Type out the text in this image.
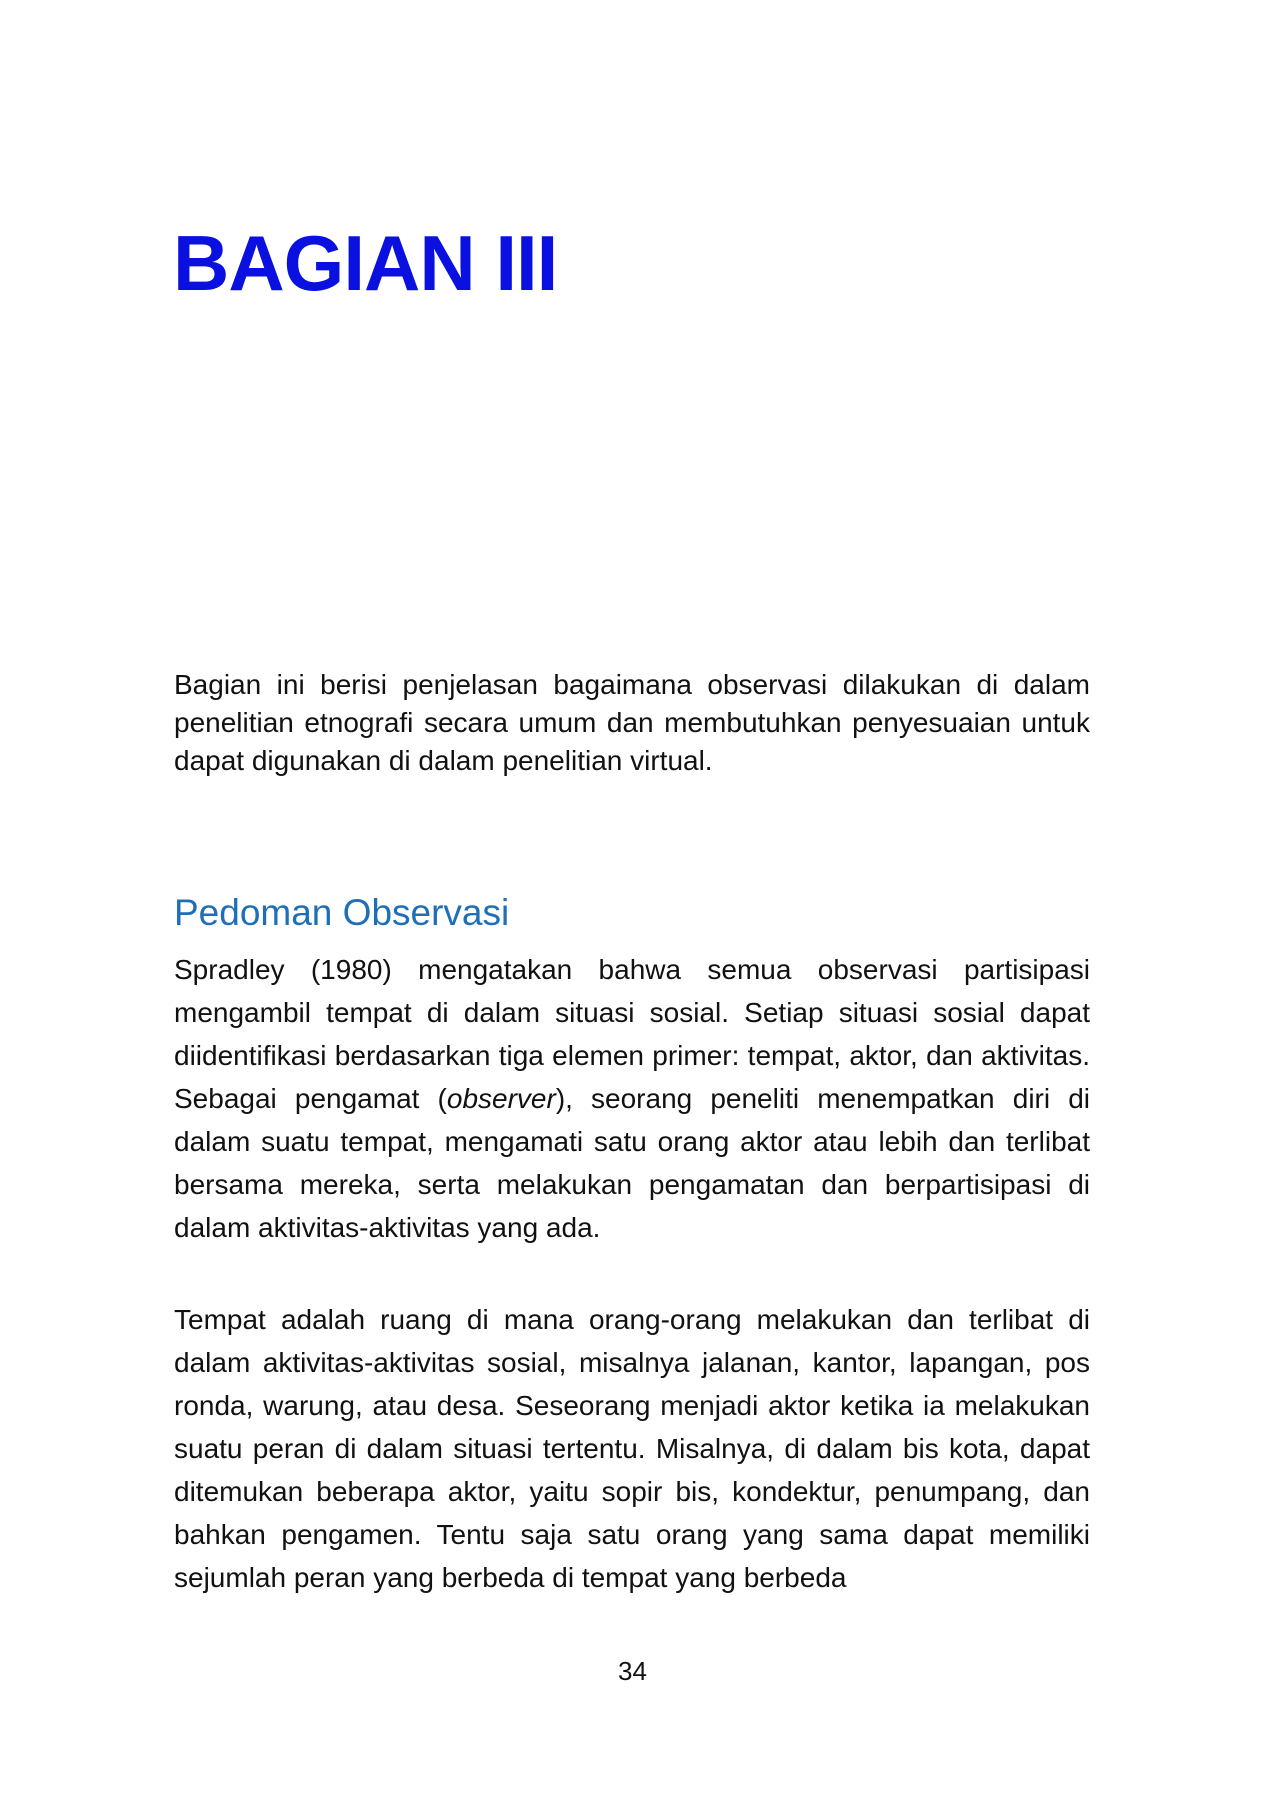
BAGIAN III

Bagian ini berisi penjelasan bagaimana observasi dilakukan di dalam penelitian etnografi secara umum dan membutuhkan penyesuaian untuk dapat digunakan di dalam penelitian virtual.

Pedoman Observasi

Spradley (1980) mengatakan bahwa semua observasi partisipasi mengambil tempat di dalam situasi sosial. Setiap situasi sosial dapat diidentifikasi berdasarkan tiga elemen primer: tempat, aktor, dan aktivitas. Sebagai pengamat (observer), seorang peneliti menempatkan diri di dalam suatu tempat, mengamati satu orang aktor atau lebih dan terlibat bersama mereka, serta melakukan pengamatan dan berpartisipasi di dalam aktivitas-aktivitas yang ada.

Tempat adalah ruang di mana orang-orang melakukan dan terlibat di dalam aktivitas-aktivitas sosial, misalnya jalanan, kantor, lapangan, pos ronda, warung, atau desa. Seseorang menjadi aktor ketika ia melakukan suatu peran di dalam situasi tertentu. Misalnya, di dalam bis kota, dapat ditemukan beberapa aktor, yaitu sopir bis, kondektur, penumpang, dan bahkan pengamen. Tentu saja satu orang yang sama dapat memiliki sejumlah peran yang berbeda di tempat yang berbeda

34
